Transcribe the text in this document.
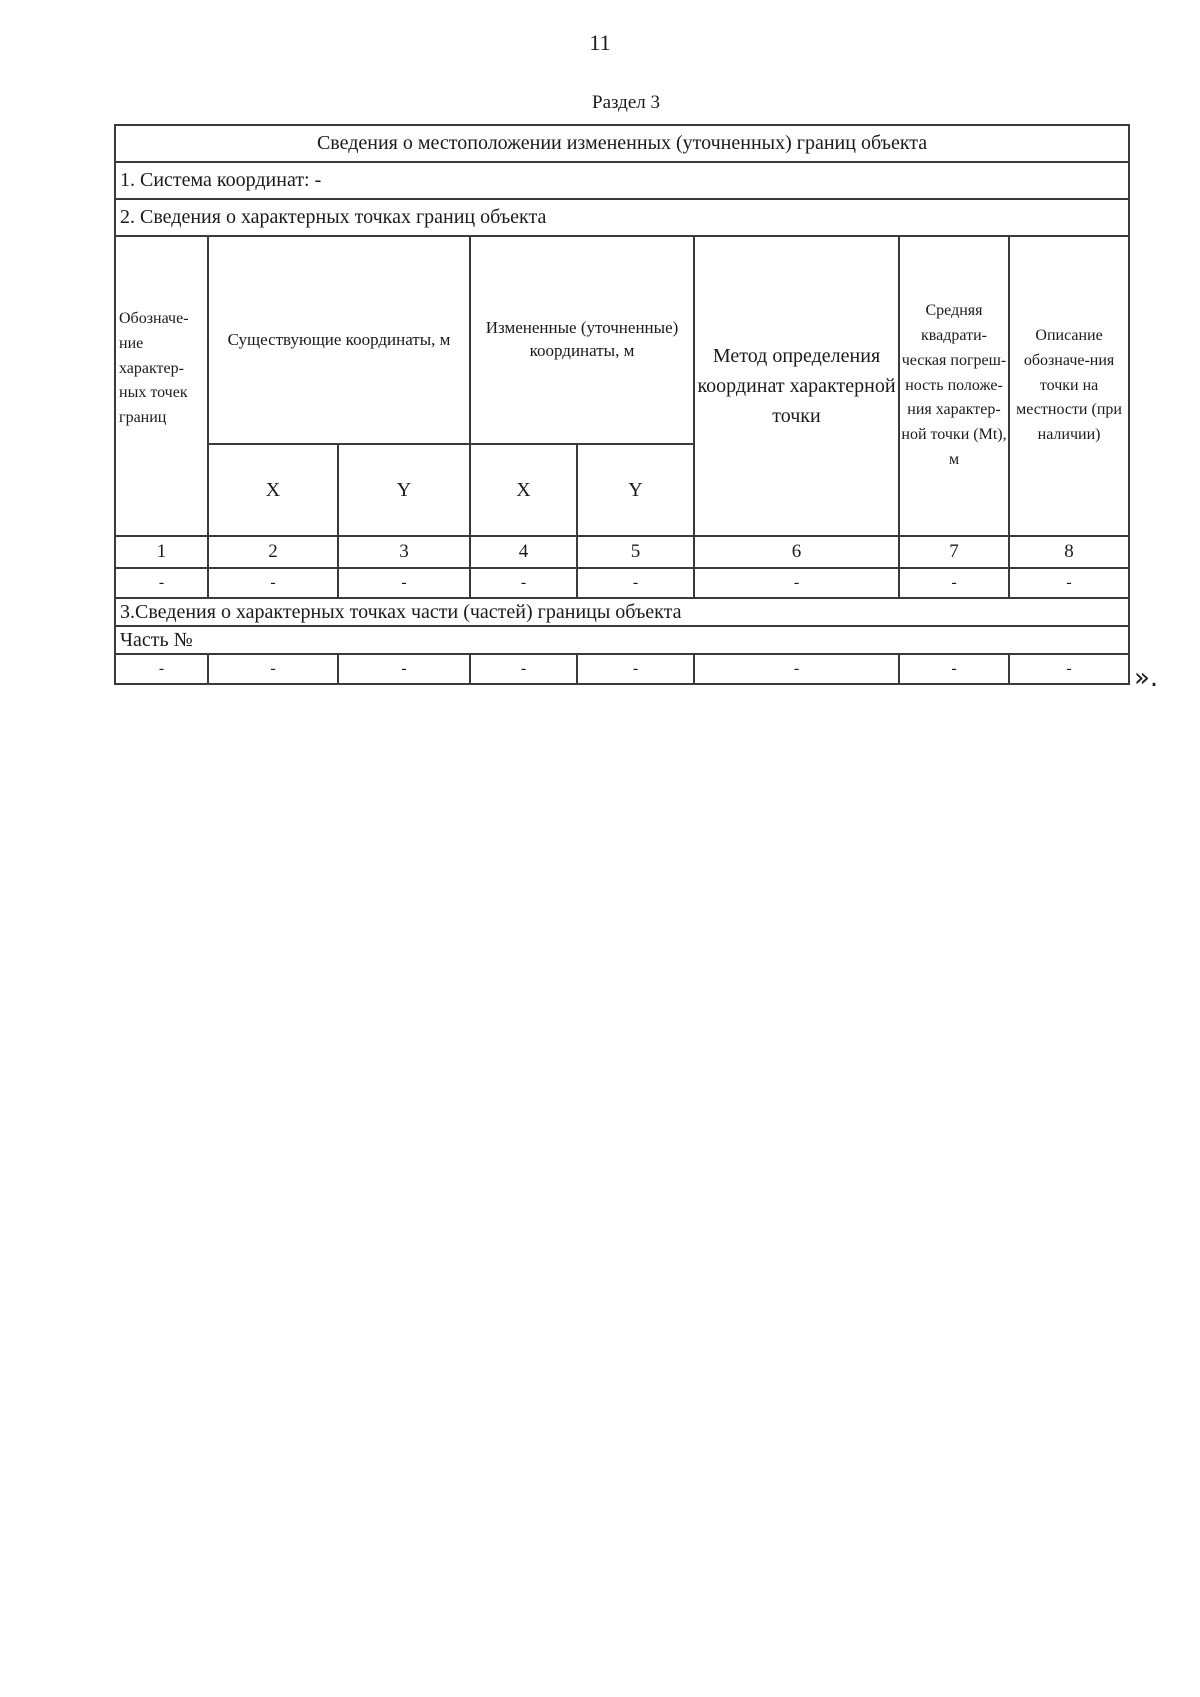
11
Раздел 3
Сведения о местоположении измененных (уточненных) границ объекта							
1. Система координат: -							
2. Сведения о характерных точках границ объекта							
Обозначе-ние характер-ных точек границ	Существующие координаты, м		Измененные (уточненные) координаты, м		Метод определения координат характерной точки	Средняя квадрати-ческая погреш-ность положе-ния характер-ной точки (Mt), м	Описание обозначе-ния точки на местности (при наличии)
	X	Y	X	Y			
1	2	3	4	5	6	7	8
-	-	-	-	-	-	-	-
3.Сведения о характерных точках части (частей) границы объекта							
Часть №							
-	-	-	-	-	-	-	- ».
